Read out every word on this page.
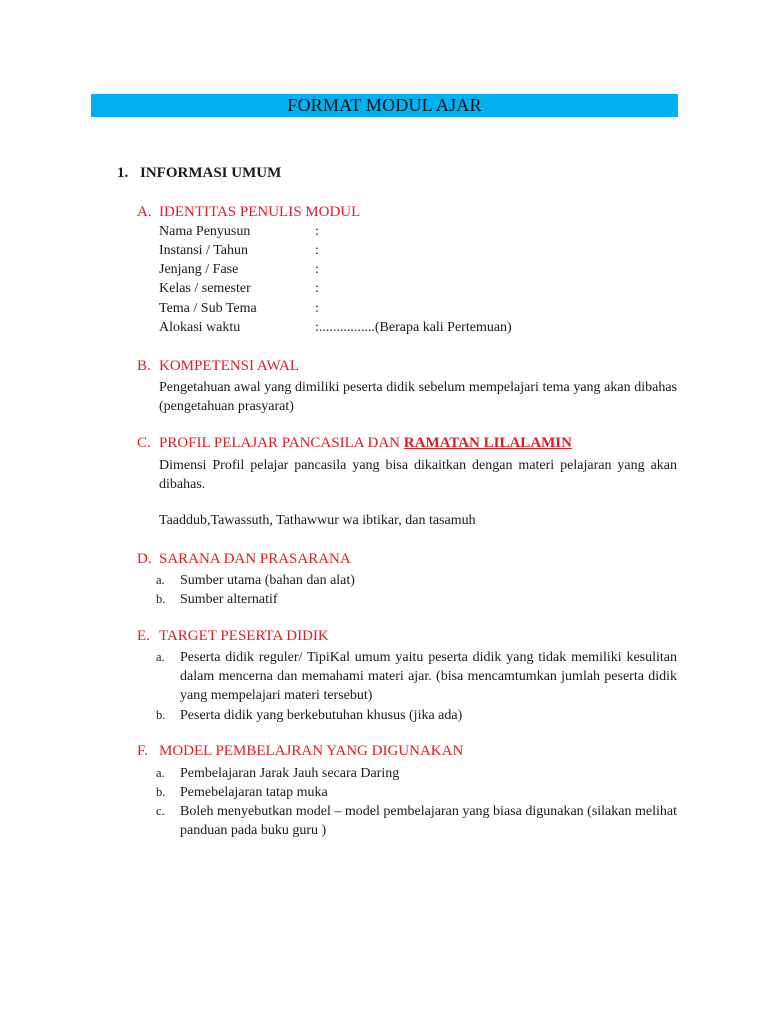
FORMAT MODUL AJAR
1. INFORMASI UMUM
A. IDENTITAS PENULIS MODUL
Nama Penyusun	:
Instansi / Tahun	:
Jenjang / Fase	:
Kelas / semester	:
Tema / Sub Tema	:
Alokasi waktu	:................(Berapa kali Pertemuan)
B. KOMPETENSI AWAL
Pengetahuan awal yang dimiliki peserta didik sebelum mempelajari tema yang akan dibahas (pengetahuan prasyarat)
C. PROFIL PELAJAR PANCASILA DAN RAMATAN LILALAMIN
Dimensi Profil pelajar pancasila yang bisa dikaitkan dengan materi pelajaran yang akan dibahas.
Taaddub,Tawassuth, Tathawwur wa ibtikar, dan tasamuh
D. SARANA DAN PRASARANA
a.	Sumber utama (bahan dan alat)
b.	Sumber alternatif
E. TARGET PESERTA DIDIK
a.	Peserta didik reguler/ TipiKal umum yaitu peserta didik yang tidak memiliki kesulitan dalam mencerna dan memahami materi ajar. (bisa mencamtumkan jumlah peserta didik yang mempelajari materi tersebut)
b.	Peserta didik yang berkebutuhan khusus (jika ada)
F. MODEL PEMBELAJRAN YANG DIGUNAKAN
a.	Pembelajaran Jarak Jauh secara Daring
b.	Pemebelajaran tatap muka
c.	Boleh menyebutkan model – model pembelajaran yang biasa digunakan (silakan melihat panduan pada buku guru )
